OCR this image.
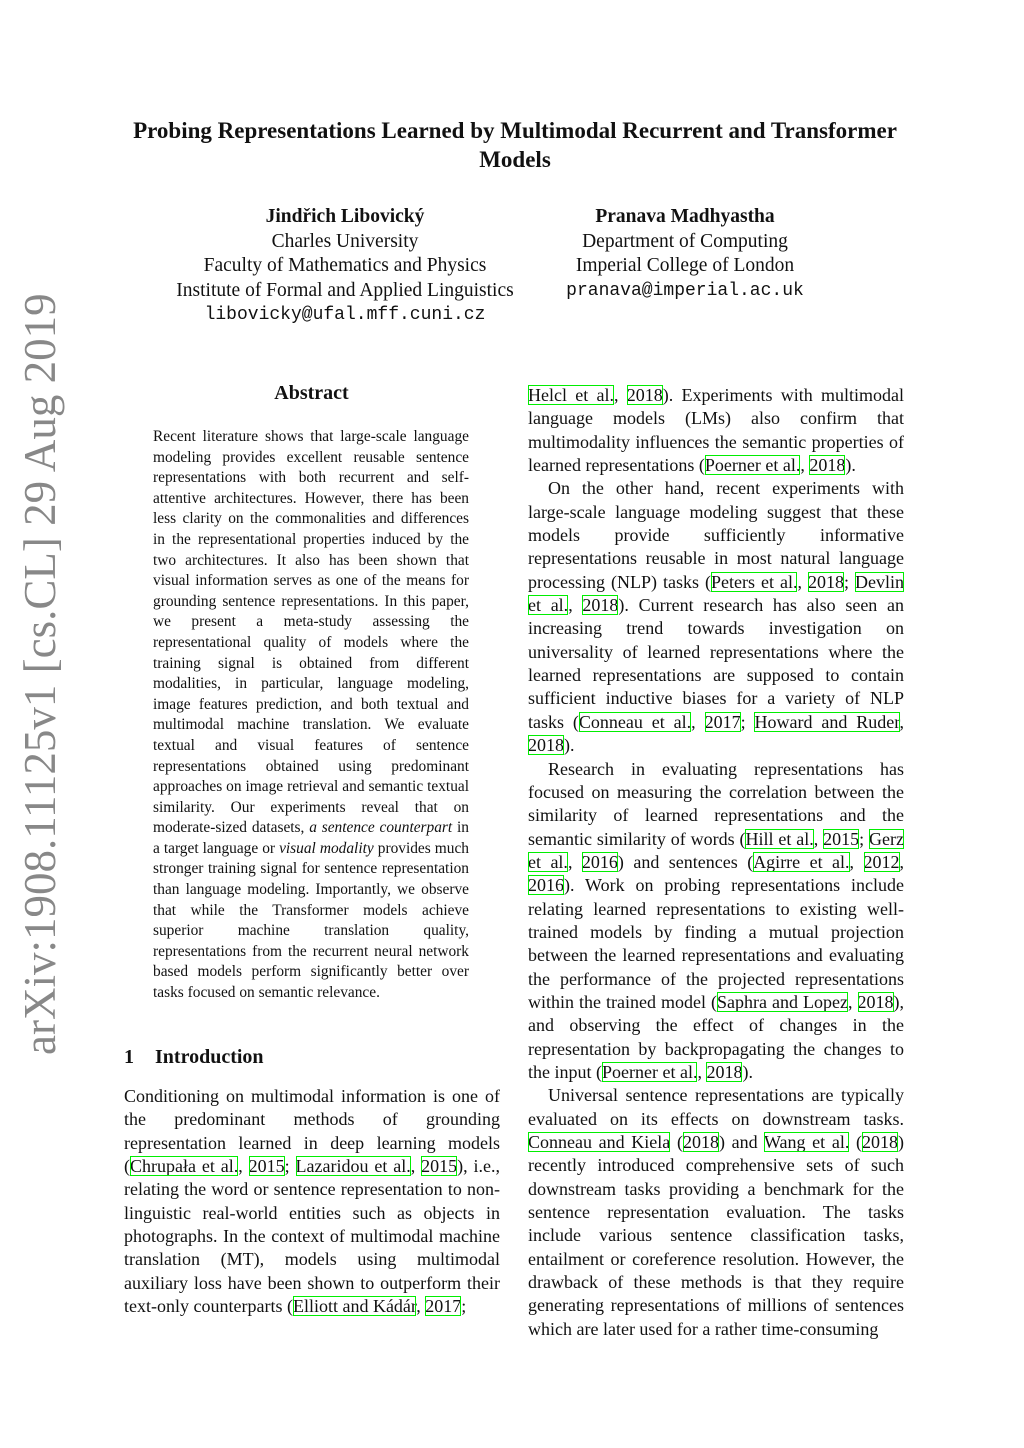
arXiv:1908.11125v1 [cs.CL] 29 Aug 2019
Probing Representations Learned by Multimodal Recurrent and Transformer Models
Jindřich Libovický
Charles University
Faculty of Mathematics and Physics
Institute of Formal and Applied Linguistics
libovicky@ufal.mff.cuni.cz
Pranava Madhyastha
Department of Computing
Imperial College of London
pranava@imperial.ac.uk
Abstract
Recent literature shows that large-scale language modeling provides excellent reusable sentence representations with both recurrent and self-attentive architectures. However, there has been less clarity on the commonalities and differences in the representational properties induced by the two architectures. It also has been shown that visual information serves as one of the means for grounding sentence representations. In this paper, we present a meta-study assessing the representational quality of models where the training signal is obtained from different modalities, in particular, language modeling, image features prediction, and both textual and multimodal machine translation. We evaluate textual and visual features of sentence representations obtained using predominant approaches on image retrieval and semantic textual similarity. Our experiments reveal that on moderate-sized datasets, a sentence counterpart in a target language or visual modality provides much stronger training signal for sentence representation than language modeling. Importantly, we observe that while the Transformer models achieve superior machine translation quality, representations from the recurrent neural network based models perform significantly better over tasks focused on semantic relevance.
1 Introduction

Conditioning on multimodal information is one of the predominant methods of grounding representation learned in deep learning models (Chrupała et al., 2015; Lazaridou et al., 2015), i.e., relating the word or sentence representation to non-linguistic real-world entities such as objects in photographs. In the context of multimodal machine translation (MT), models using multimodal auxiliary loss have been shown to outperform their text-only counterparts (Elliott and Kádár, 2017;

Helcl et al., 2018). Experiments with multimodal language models (LMs) also confirm that multimodality influences the semantic properties of learned representations (Poerner et al., 2018).

On the other hand, recent experiments with large-scale language modeling suggest that these models provide sufficiently informative representations reusable in most natural language processing (NLP) tasks (Peters et al., 2018; Devlin et al., 2018). Current research has also seen an increasing trend towards investigation on universality of learned representations where the learned representations are supposed to contain sufficient inductive biases for a variety of NLP tasks (Conneau et al., 2017; Howard and Ruder, 2018).

Research in evaluating representations has focused on measuring the correlation between the similarity of learned representations and the semantic similarity of words (Hill et al., 2015; Gerz et al., 2016) and sentences (Agirre et al., 2012, 2016). Work on probing representations include relating learned representations to existing well-trained models by finding a mutual projection between the learned representations and evaluating the performance of the projected representations within the trained model (Saphra and Lopez, 2018), and observing the effect of changes in the representation by backpropagating the changes to the input (Poerner et al., 2018).

Universal sentence representations are typically evaluated on its effects on downstream tasks. Conneau and Kiela (2018) and Wang et al. (2018) recently introduced comprehensive sets of such downstream tasks providing a benchmark for the sentence representation evaluation. The tasks include various sentence classification tasks, entailment or coreference resolution. However, the drawback of these methods is that they require generating representations of millions of sentences which are later used for a rather time-consuming
